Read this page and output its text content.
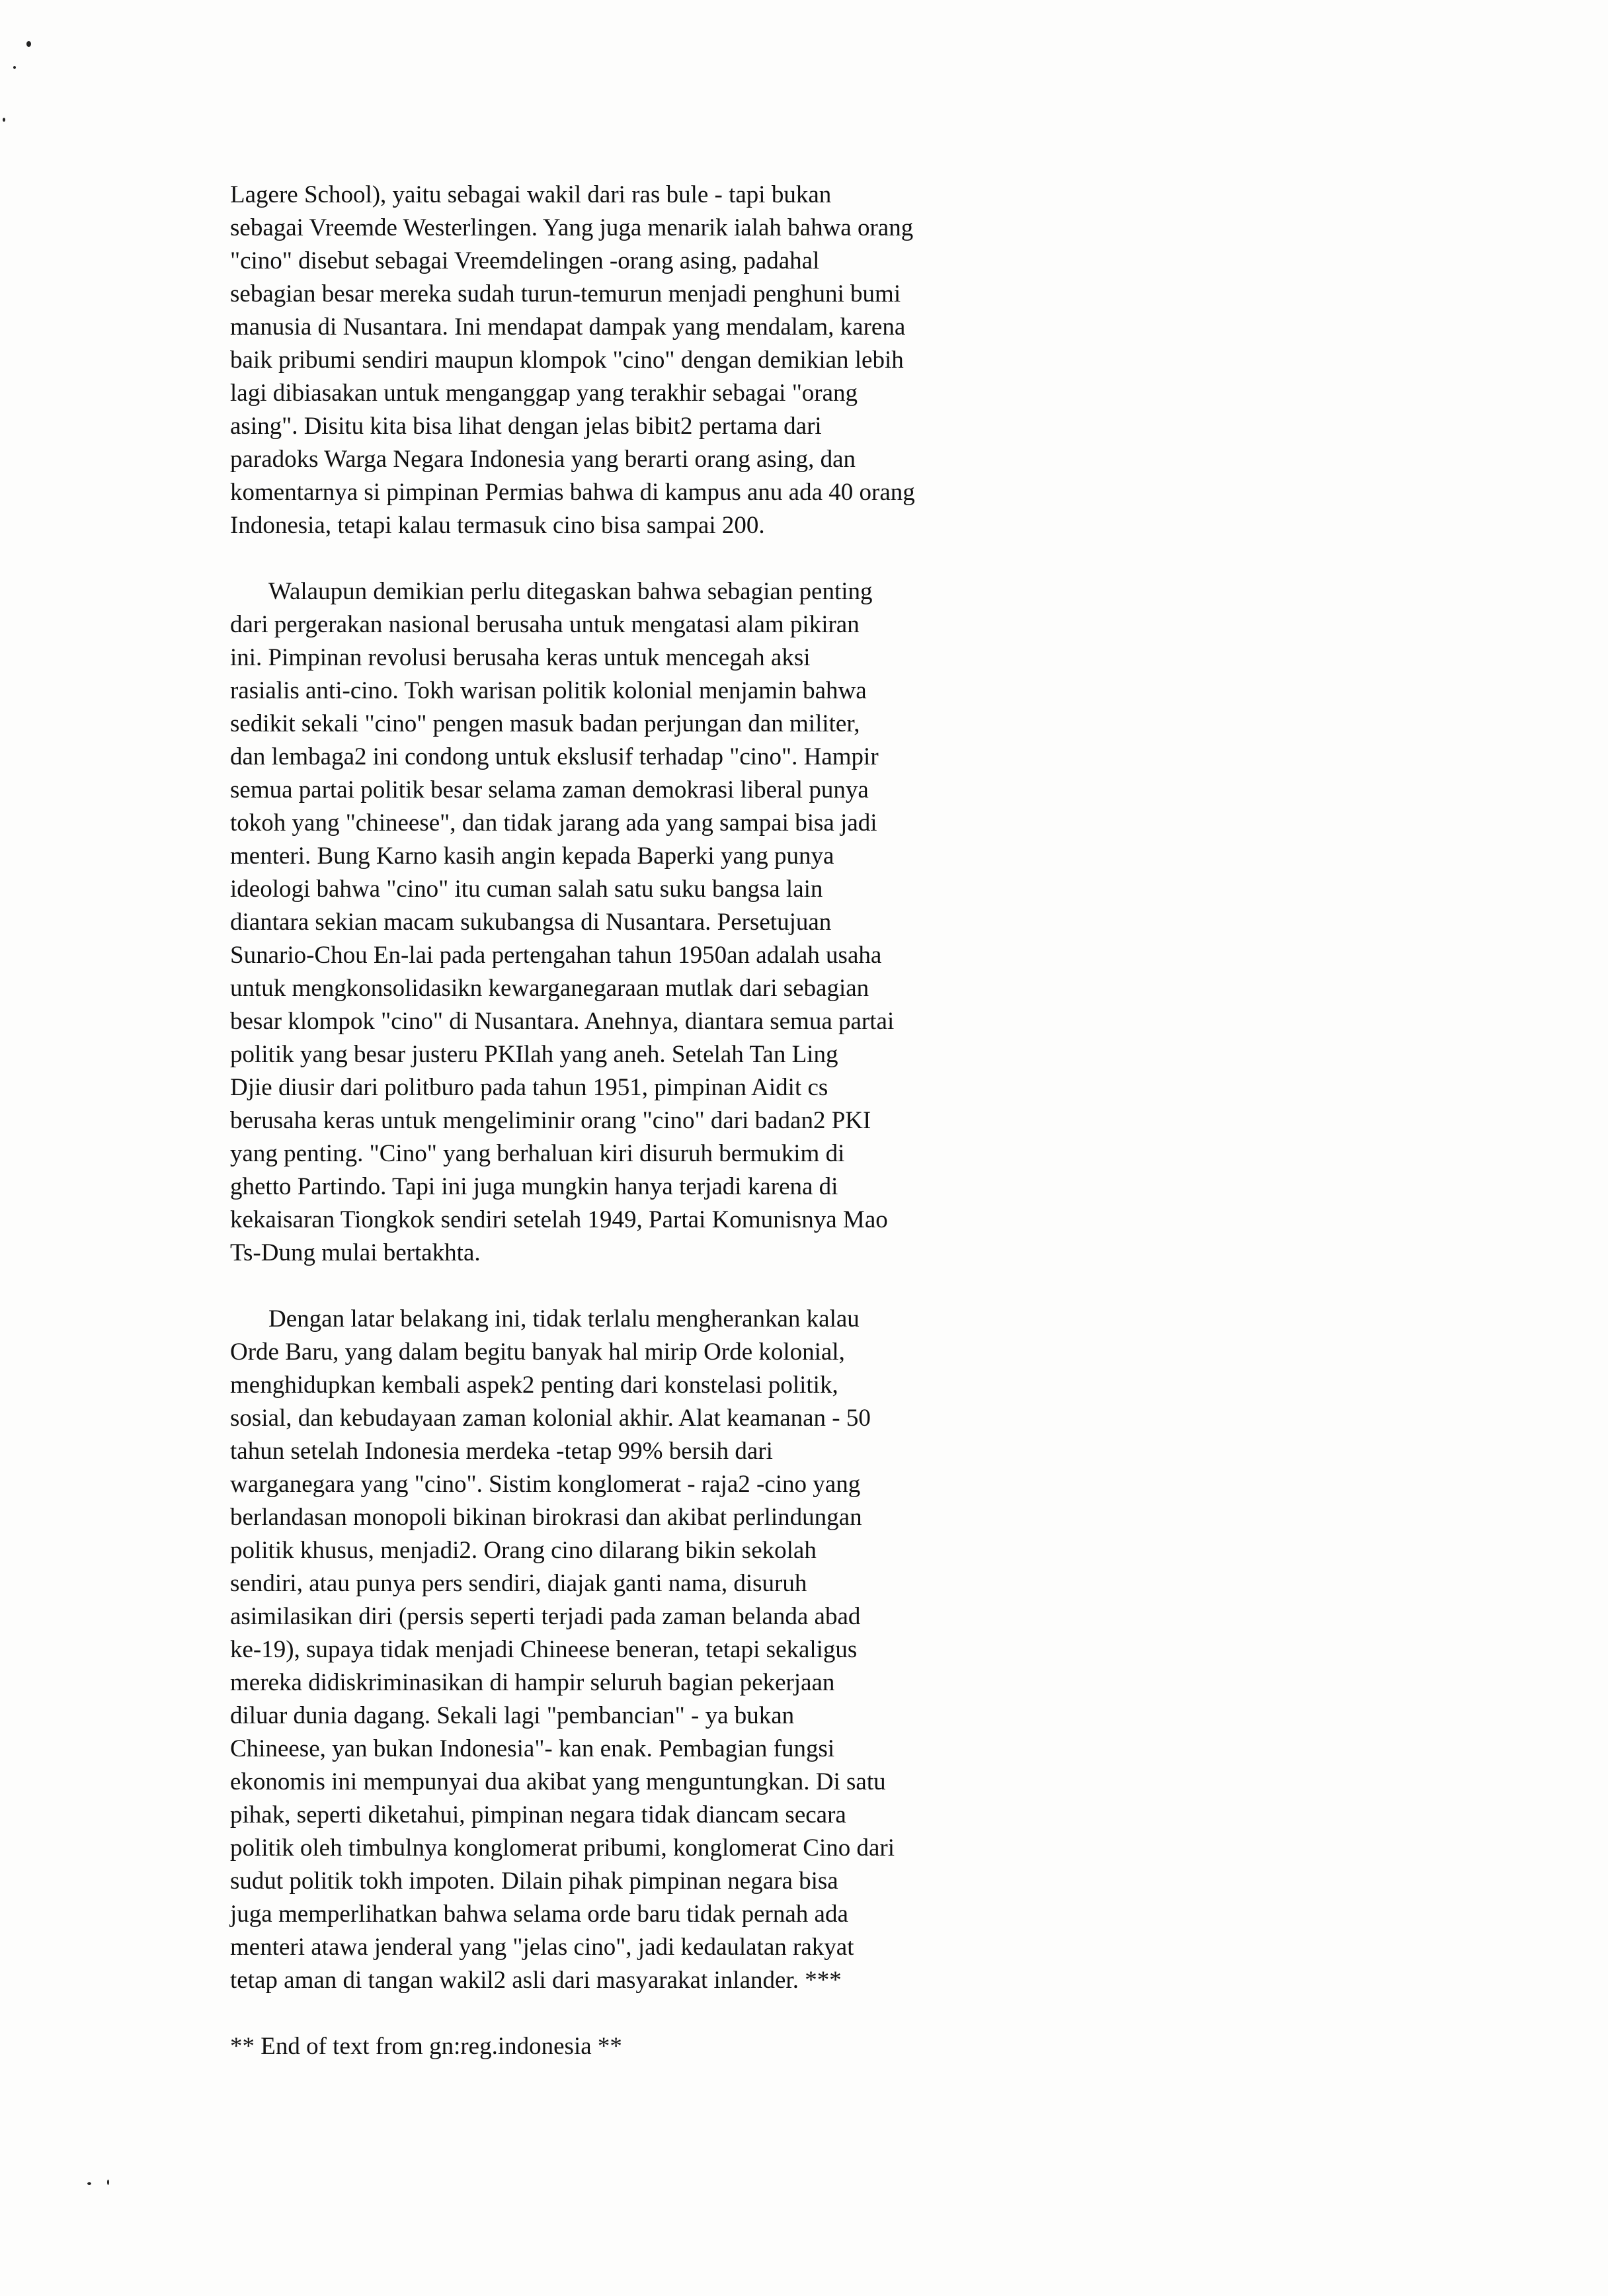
Lagere School), yaitu sebagai wakil dari ras bule - tapi bukan
sebagai Vreemde Westerlingen. Yang juga menarik ialah bahwa orang
"cino" disebut sebagai Vreemdelingen -orang asing, padahal
sebagian besar mereka sudah turun-temurun menjadi penghuni bumi
manusia di Nusantara. Ini mendapat dampak yang mendalam, karena
baik pribumi sendiri maupun klompok "cino" dengan demikian lebih
lagi dibiasakan untuk menganggap yang terakhir sebagai "orang
asing". Disitu kita bisa lihat dengan jelas bibit2 pertama dari
paradoks Warga Negara Indonesia yang berarti orang asing, dan
komentarnya si pimpinan Permias bahwa di kampus anu ada 40 orang
Indonesia, tetapi kalau termasuk cino bisa sampai 200.
Walaupun demikian perlu ditegaskan bahwa sebagian penting
dari pergerakan nasional berusaha untuk mengatasi alam pikiran
ini. Pimpinan revolusi berusaha keras untuk mencegah aksi
rasialis anti-cino. Tokh warisan politik kolonial menjamin bahwa
sedikit sekali "cino" pengen masuk badan perjungan dan militer,
dan lembaga2 ini condong untuk ekslusif terhadap "cino". Hampir
semua partai politik besar selama zaman demokrasi liberal punya
tokoh yang "chineese", dan tidak jarang ada yang sampai bisa jadi
menteri. Bung Karno kasih angin kepada Baperki yang punya
ideologi bahwa "cino" itu cuman salah satu suku bangsa lain
diantara sekian macam sukubangsa di Nusantara. Persetujuan
Sunario-Chou En-lai pada pertengahan tahun 1950an adalah usaha
untuk mengkonsolidasikn kewarganegaraan mutlak dari sebagian
besar klompok "cino" di Nusantara. Anehnya, diantara semua partai
politik yang besar justeru PKIlah yang aneh. Setelah Tan Ling
Djie diusir dari politburo pada tahun 1951, pimpinan Aidit cs
berusaha keras untuk mengeliminir orang "cino" dari badan2 PKI
yang penting. "Cino" yang berhaluan kiri disuruh bermukim di
ghetto Partindo. Tapi ini juga mungkin hanya terjadi karena di
kekaisaran Tiongkok sendiri setelah 1949, Partai Komunisnya Mao
Ts-Dung mulai bertakhta.
Dengan latar belakang ini, tidak terlalu mengherankan kalau
Orde Baru, yang dalam begitu banyak hal mirip Orde kolonial,
menghidupkan kembali aspek2 penting dari konstelasi politik,
sosial, dan kebudayaan zaman kolonial akhir. Alat keamanan - 50
tahun setelah Indonesia merdeka -tetap 99% bersih dari
warganegara yang "cino". Sistim konglomerat - raja2 -cino yang
berlandasan monopoli bikinan birokrasi dan akibat perlindungan
politik khusus, menjadi2. Orang cino dilarang bikin sekolah
sendiri, atau punya pers sendiri, diajak ganti nama, disuruh
asimilasikan diri (persis seperti terjadi pada zaman belanda abad
ke-19), supaya tidak menjadi Chineese beneran, tetapi sekaligus
mereka didiskriminasikan di hampir seluruh bagian pekerjaan
diluar dunia dagang. Sekali lagi "pembancian" - ya bukan
Chineese, yan bukan Indonesia"- kan enak. Pembagian fungsi
ekonomis ini mempunyai dua akibat yang menguntungkan. Di satu
pihak, seperti diketahui, pimpinan negara tidak diancam secara
politik oleh timbulnya konglomerat pribumi, konglomerat Cino dari
sudut politik tokh impoten. Dilain pihak pimpinan negara bisa
juga memperlihatkan bahwa selama orde baru tidak pernah ada
menteri atawa jenderal yang "jelas cino", jadi kedaulatan rakyat
tetap aman di tangan wakil2 asli dari masyarakat inlander. ***
** End of text from gn:reg.indonesia **
